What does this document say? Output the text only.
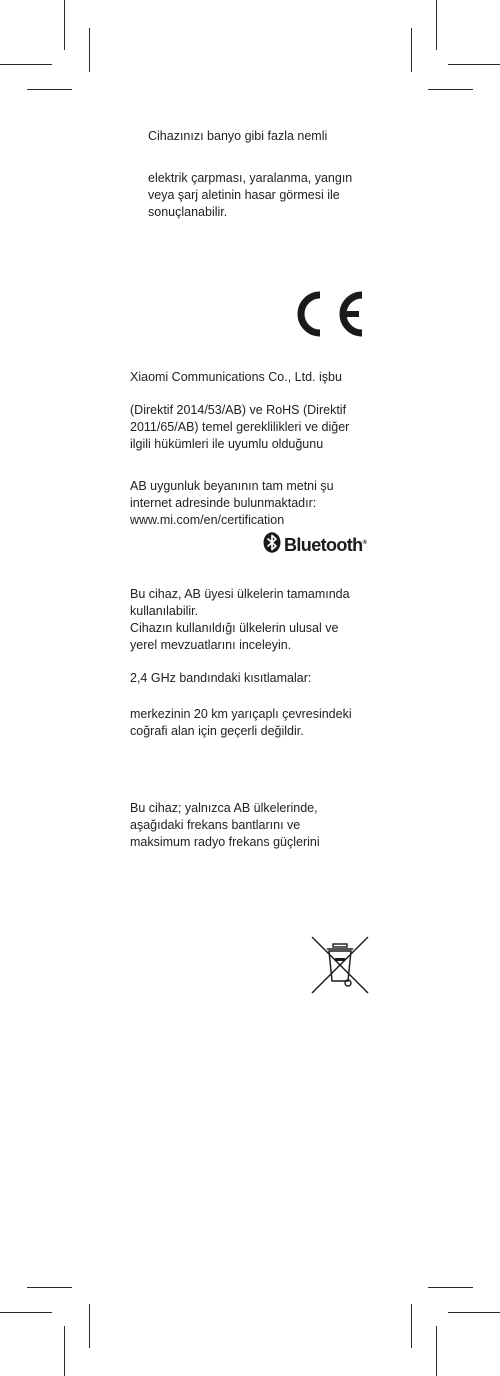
Cihazınızı banyo gibi fazla nemli
elektrik çarpması, yaralanma, yangın
veya şarj aletinin hasar görmesi ile
sonuçlanabilir.
Xiaomi Communications Co., Ltd. işbu
(Direktif 2014/53/AB) ve RoHS (Direktif
2011/65/AB) temel gereklilikleri ve diğer
ilgili hükümleri ile uyumlu olduğunu
AB uygunluk beyanının tam metni şu
internet adresinde bulunmaktadır:
www.mi.com/en/certification
Bluetooth®
Bu cihaz, AB üyesi ülkelerin tamamında
kullanılabilir.
Cihazın kullanıldığı ülkelerin ulusal ve
yerel mevzuatlarını inceleyin.
2,4 GHz bandındaki kısıtlamalar:
merkezinin 20 km yarıçaplı çevresindeki
coğrafi alan için geçerli değildir.
Bu cihaz; yalnızca AB ülkelerinde,
aşağıdaki frekans bantlarını ve
maksimum radyo frekans güçlerini
